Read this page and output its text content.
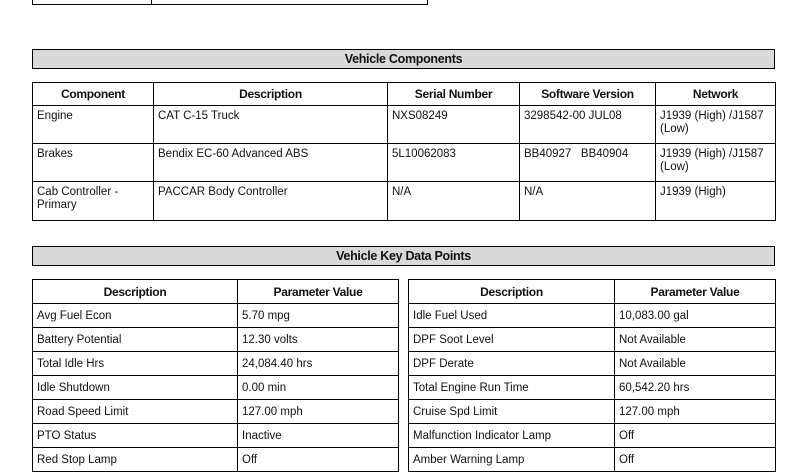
Vehicle Components
Component	Description	Serial Number	Software Version	Network
Engine	CAT C-15 Truck	NXS08249	3298542-00 JUL08	J1939 (High) /J1587 (Low)
Brakes	Bendix EC-60 Advanced ABS	5L10062083	BB40927   BB40904	J1939 (High) /J1587 (Low)
Cab Controller - Primary	PACCAR Body Controller	N/A	N/A	J1939 (High)
Vehicle Key Data Points
Description	Parameter Value
Avg Fuel Econ	5.70 mpg
Battery Potential	12.30 volts
Total Idle Hrs	24,084.40 hrs
Idle Shutdown	0.00 min
Road Speed Limit	127.00 mph
PTO Status	Inactive
Red Stop Lamp	Off
Description	Parameter Value
Idle Fuel Used	10,083.00 gal
DPF Soot Level	Not Available
DPF Derate	Not Available
Total Engine Run Time	60,542.20 hrs
Cruise Spd Limit	127.00 mph
Malfunction Indicator Lamp	Off
Amber Warning Lamp	Off
